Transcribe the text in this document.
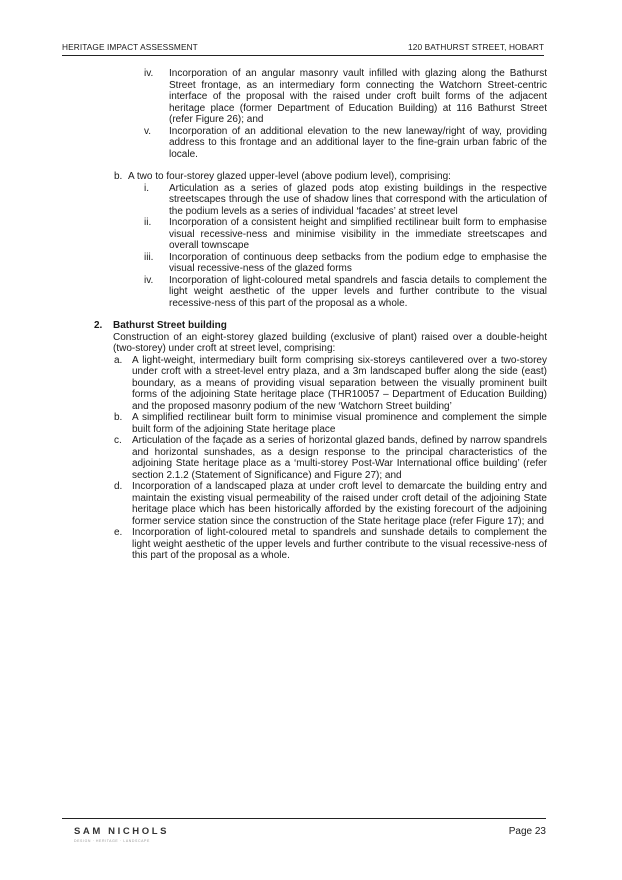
HERITAGE IMPACT ASSESSMENT	120 BATHURST STREET, HOBART
iv. Incorporation of an angular masonry vault infilled with glazing along the Bathurst Street frontage, as an intermediary form connecting the Watchorn Street-centric interface of the proposal with the raised under croft built forms of the adjacent heritage place (former Department of Education Building) at 116 Bathurst Street (refer Figure 26); and
v. Incorporation of an additional elevation to the new laneway/right of way, providing address to this frontage and an additional layer to the fine-grain urban fabric of the locale.
b. A two to four-storey glazed upper-level (above podium level), comprising:
i. Articulation as a series of glazed pods atop existing buildings in the respective streetscapes through the use of shadow lines that correspond with the articulation of the podium levels as a series of individual ‘facades’ at street level
ii. Incorporation of a consistent height and simplified rectilinear built form to emphasise visual recessive-ness and minimise visibility in the immediate streetscapes and overall townscape
iii. Incorporation of continuous deep setbacks from the podium edge to emphasise the visual recessive-ness of the glazed forms
iv. Incorporation of light-coloured metal spandrels and fascia details to complement the light weight aesthetic of the upper levels and further contribute to the visual recessive-ness of this part of the proposal as a whole.
2. Bathurst Street building
Construction of an eight-storey glazed building (exclusive of plant) raised over a double-height (two-storey) under croft at street level, comprising:
a. A light-weight, intermediary built form comprising six-storeys cantilevered over a two-storey under croft with a street-level entry plaza, and a 3m landscaped buffer along the side (east) boundary, as a means of providing visual separation between the visually prominent built forms of the adjoining State heritage place (THR10057 – Department of Education Building) and the proposed masonry podium of the new ‘Watchorn Street building’
b. A simplified rectilinear built form to minimise visual prominence and complement the simple built form of the adjoining State heritage place
c. Articulation of the façade as a series of horizontal glazed bands, defined by narrow spandrels and horizontal sunshades, as a design response to the principal characteristics of the adjoining State heritage place as a ‘multi-storey Post-War International office building’ (refer section 2.1.2 (Statement of Significance) and Figure 27); and
d. Incorporation of a landscaped plaza at under croft level to demarcate the building entry and maintain the existing visual permeability of the raised under croft detail of the adjoining State heritage place which has been historically afforded by the existing forecourt of the adjoining former service station since the construction of the State heritage place (refer Figure 17); and
e. Incorporation of light-coloured metal to spandrels and sunshade details to complement the light weight aesthetic of the upper levels and further contribute to the visual recessive-ness of this part of the proposal as a whole.
SAM NICHOLS
DESIGN · HERITAGE · LANDSCAPE
Page 23
